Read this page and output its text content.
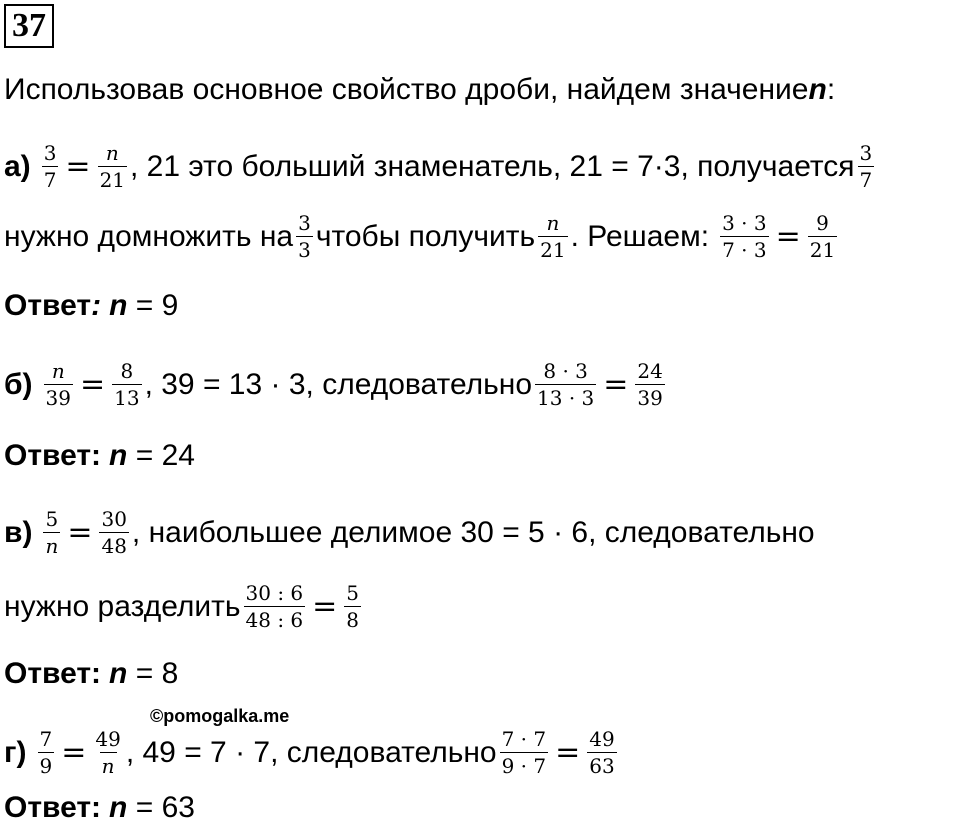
37
Использовав основное свойство дроби, найдем значение n :
$а) \frac{3}{7} = \frac{n}{21}$ , 21 это больший знаменатель, 21 = 7·3, получается $\frac{3}{7}$
нужно домножить на $\frac{3}{3}$ чтобы получить $\frac{n}{21}$ . Решаем: $\frac{3 \cdot 3}{7 \cdot 3} = \frac{9}{21}$
Ответ : n = 9
$б) \frac{n}{39} = \frac{8}{13}$ , 39 = 13 · 3, следовательно $\frac{8 \cdot 3}{13 \cdot 3} = \frac{24}{39}$
Ответ: n = 24
$в) \frac{5}{n} = \frac{30}{48}$ , наибольшее делимое 30 = 5 · 6, следовательно
нужно разделить $\frac{30 : 6}{48 : 6} = \frac{5}{8}$
Ответ: n = 8
©pomogalka.me
$г) \frac{7}{9} = \frac{49}{n}$ , 49 = 7 · 7, следовательно $\frac{7 \cdot 7}{9 \cdot 7} = \frac{49}{63}$
Ответ: n = 63
